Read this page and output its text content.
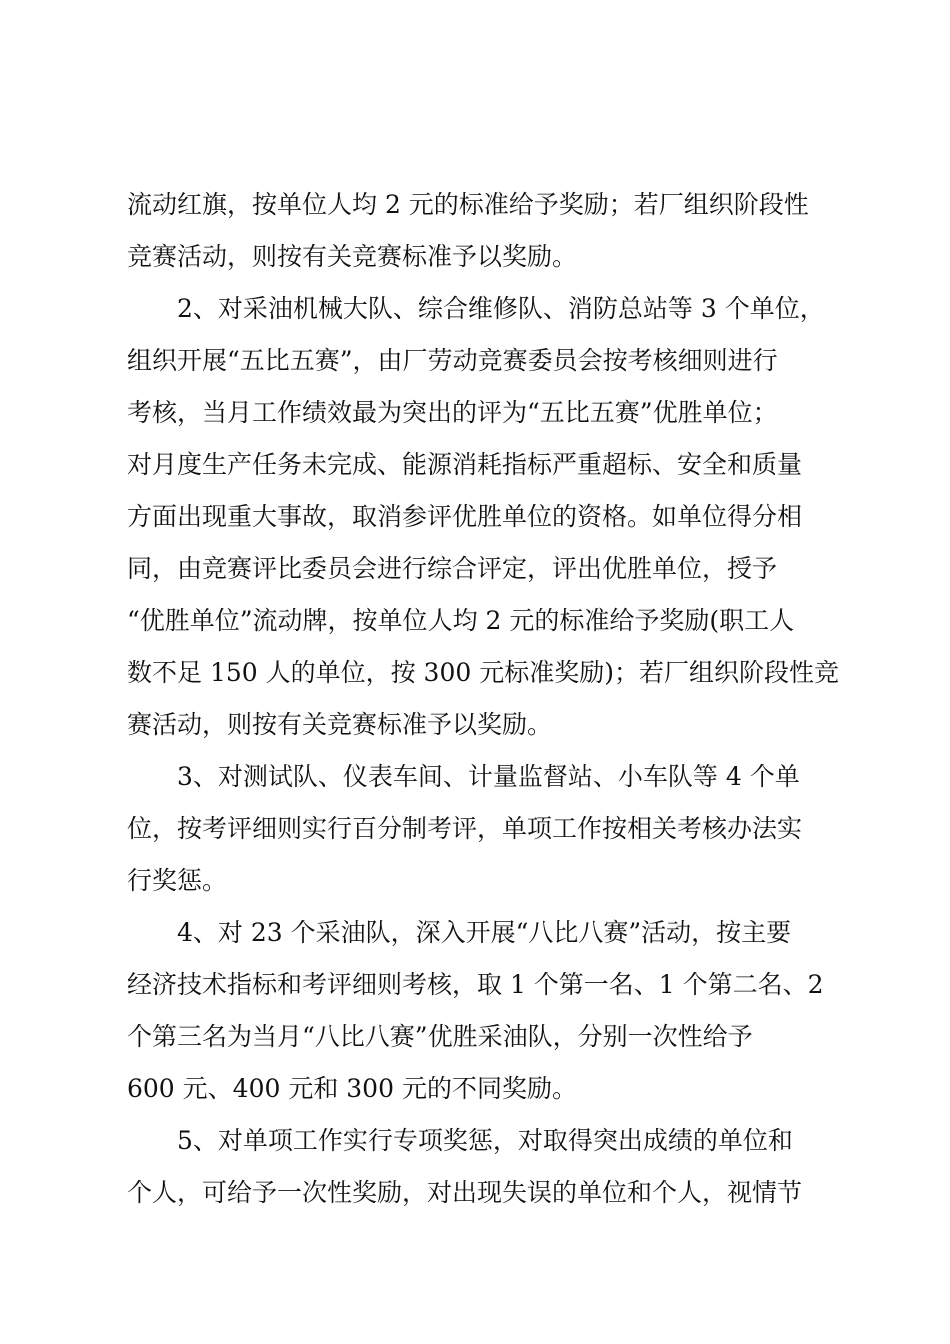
流动红旗，按单位人均 2 元的标准给予奖励；若厂组织阶段性
竞赛活动，则按有关竞赛标准予以奖励。
2、对采油机械大队、综合维修队、消防总站等 3 个单位，
组织开展“五比五赛”，由厂劳动竞赛委员会按考核细则进行
考核，当月工作绩效最为突出的评为“五比五赛”优胜单位；
对月度生产任务未完成、能源消耗指标严重超标、安全和质量
方面出现重大事故，取消参评优胜单位的资格。如单位得分相
同，由竞赛评比委员会进行综合评定，评出优胜单位，授予
“优胜单位”流动牌，按单位人均 2 元的标准给予奖励(职工人
数不足 150 人的单位，按 300 元标准奖励)；若厂组织阶段性竞
赛活动，则按有关竞赛标准予以奖励。
3、对测试队、仪表车间、计量监督站、小车队等 4 个单
位，按考评细则实行百分制考评，单项工作按相关考核办法实
行奖惩。
4、对 23 个采油队，深入开展“八比八赛”活动，按主要
经济技术指标和考评细则考核，取 1 个第一名、1 个第二名、2
个第三名为当月“八比八赛”优胜采油队，分别一次性给予
600 元、400 元和 300 元的不同奖励。
5、对单项工作实行专项奖惩，对取得突出成绩的单位和
个人，可给予一次性奖励，对出现失误的单位和个人，视情节
